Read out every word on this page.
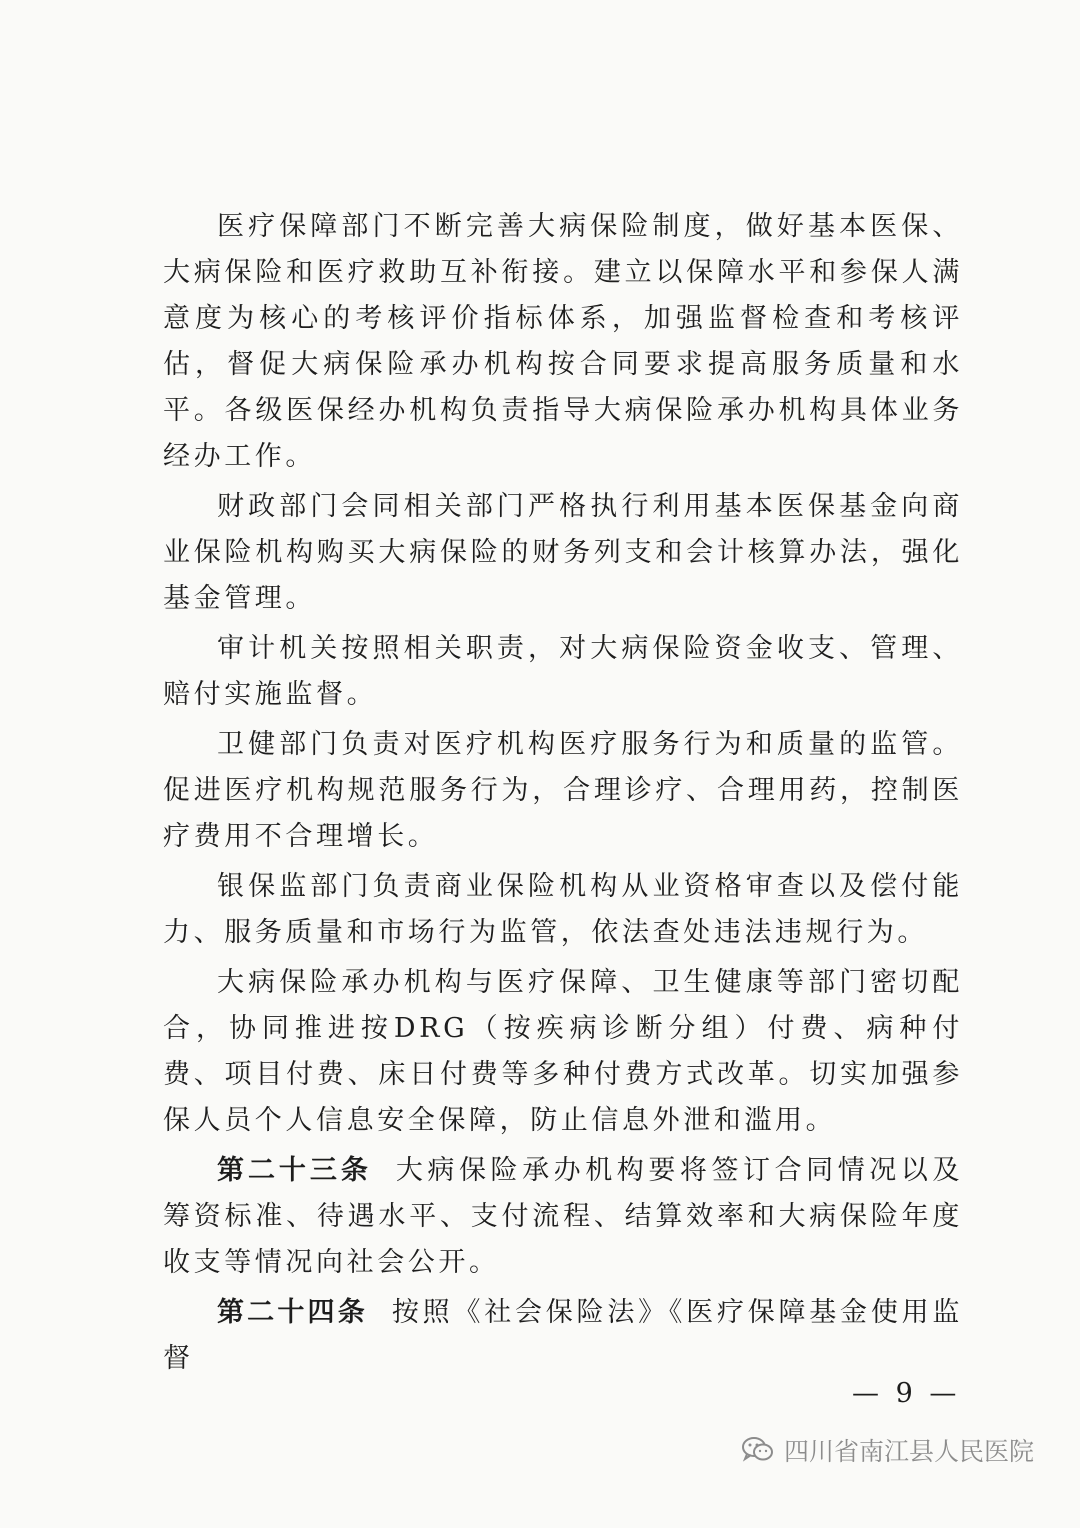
医疗保障部门不断完善大病保险制度，做好基本医保、大病保险和医疗救助互补衔接。建立以保障水平和参保人满意度为核心的考核评价指标体系，加强监督检查和考核评估，督促大病保险承办机构按合同要求提高服务质量和水平。各级医保经办机构负责指导大病保险承办机构具体业务经办工作。

财政部门会同相关部门严格执行利用基本医保基金向商业保险机构购买大病保险的财务列支和会计核算办法，强化基金管理。

审计机关按照相关职责，对大病保险资金收支、管理、赔付实施监督。

卫健部门负责对医疗机构医疗服务行为和质量的监管。促进医疗机构规范服务行为，合理诊疗、合理用药，控制医疗费用不合理增长。

银保监部门负责商业保险机构从业资格审查以及偿付能力、服务质量和市场行为监管，依法查处违法违规行为。

大病保险承办机构与医疗保障、卫生健康等部门密切配合，协同推进按DRG（按疾病诊断分组）付费、病种付费、项目付费、床日付费等多种付费方式改革。切实加强参保人员个人信息安全保障，防止信息外泄和滥用。

第二十三条 大病保险承办机构要将签订合同情况以及筹资标准、待遇水平、支付流程、结算效率和大病保险年度收支等情况向社会公开。

第二十四条 按照《社会保险法》《医疗保障基金使用监督

— 9 —
四川省南江县人民医院
